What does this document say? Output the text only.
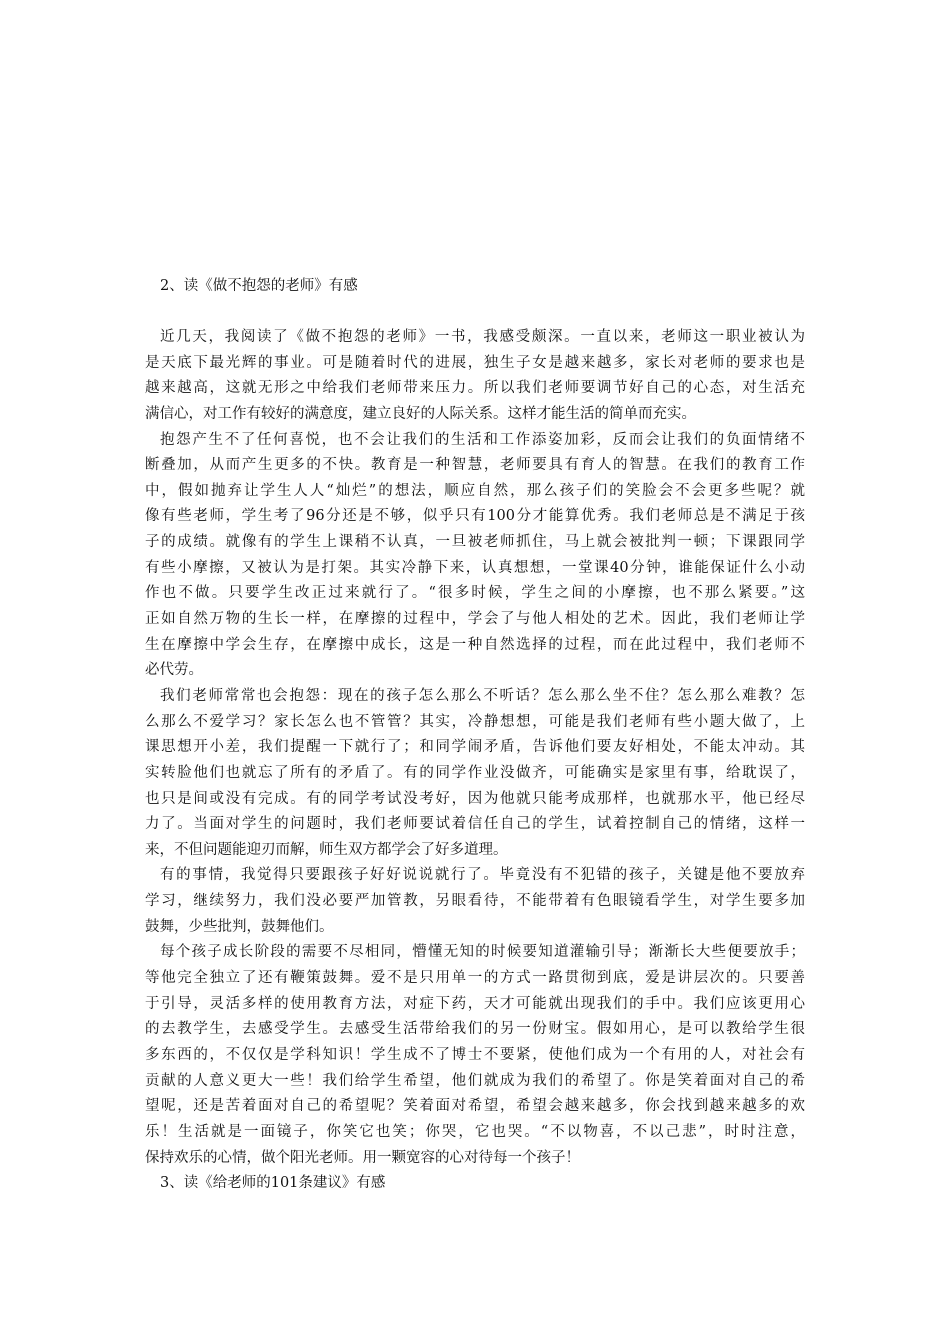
2、读《做不抱怨的老师》有感
近几天，我阅读了《做不抱怨的老师》一书，我感受颇深。一直以来，老师这一职业被认为
是天底下最光辉的事业。可是随着时代的进展，独生子女是越来越多，家长对老师的要求也是
越来越高，这就无形之中给我们老师带来压力。所以我们老师要调节好自己的心态，对生活充
满信心，对工作有较好的满意度，建立良好的人际关系。这样才能生活的简单而充实。
抱怨产生不了任何喜悦，也不会让我们的生活和工作添姿加彩，反而会让我们的负面情绪不
断叠加，从而产生更多的不快。教育是一种智慧，老师要具有育人的智慧。在我们的教育工作
中，假如抛弃让学生人人“灿烂”的想法，顺应自然，那么孩子们的笑脸会不会更多些呢？就
像有些老师，学生考了96分还是不够，似乎只有100分才能算优秀。我们老师总是不满足于孩
子的成绩。就像有的学生上课稍不认真，一旦被老师抓住，马上就会被批判一顿；下课跟同学
有些小摩擦，又被认为是打架。其实冷静下来，认真想想，一堂课40分钟，谁能保证什么小动
作也不做。只要学生改正过来就行了。“很多时候，学生之间的小摩擦，也不那么紧要。”这
正如自然万物的生长一样，在摩擦的过程中，学会了与他人相处的艺术。因此，我们老师让学
生在摩擦中学会生存，在摩擦中成长，这是一种自然选择的过程，而在此过程中，我们老师不
必代劳。
我们老师常常也会抱怨：现在的孩子怎么那么不听话？怎么那么坐不住？怎么那么难教？怎
么那么不爱学习？家长怎么也不管管？其实，冷静想想，可能是我们老师有些小题大做了，上
课思想开小差，我们提醒一下就行了；和同学闹矛盾，告诉他们要友好相处，不能太冲动。其
实转脸他们也就忘了所有的矛盾了。有的同学作业没做齐，可能确实是家里有事，给耽误了，
也只是间或没有完成。有的同学考试没考好，因为他就只能考成那样，也就那水平，他已经尽
力了。当面对学生的问题时，我们老师要试着信任自己的学生，试着控制自己的情绪，这样一
来，不但问题能迎刃而解，师生双方都学会了好多道理。
有的事情，我觉得只要跟孩子好好说说就行了。毕竟没有不犯错的孩子，关键是他不要放弃
学习，继续努力，我们没必要严加管教，另眼看待，不能带着有色眼镜看学生，对学生要多加
鼓舞，少些批判，鼓舞他们。
每个孩子成长阶段的需要不尽相同，懵懂无知的时候要知道灌输引导；渐渐长大些便要放手；
等他完全独立了还有鞭策鼓舞。爱不是只用单一的方式一路贯彻到底，爱是讲层次的。只要善
于引导，灵活多样的使用教育方法，对症下药，天才可能就出现我们的手中。我们应该更用心
的去教学生，去感受学生。去感受生活带给我们的另一份财宝。假如用心，是可以教给学生很
多东西的，不仅仅是学科知识！学生成不了博士不要紧，使他们成为一个有用的人，对社会有
贡献的人意义更大一些！我们给学生希望，他们就成为我们的希望了。你是笑着面对自己的希
望呢，还是苦着面对自己的希望呢？笑着面对希望，希望会越来越多，你会找到越来越多的欢
乐！生活就是一面镜子，你笑它也笑；你哭，它也哭。“不以物喜，不以己悲”，时时注意，
保持欢乐的心情，做个阳光老师。用一颗宽容的心对待每一个孩子！
3、读《给老师的101条建议》有感
